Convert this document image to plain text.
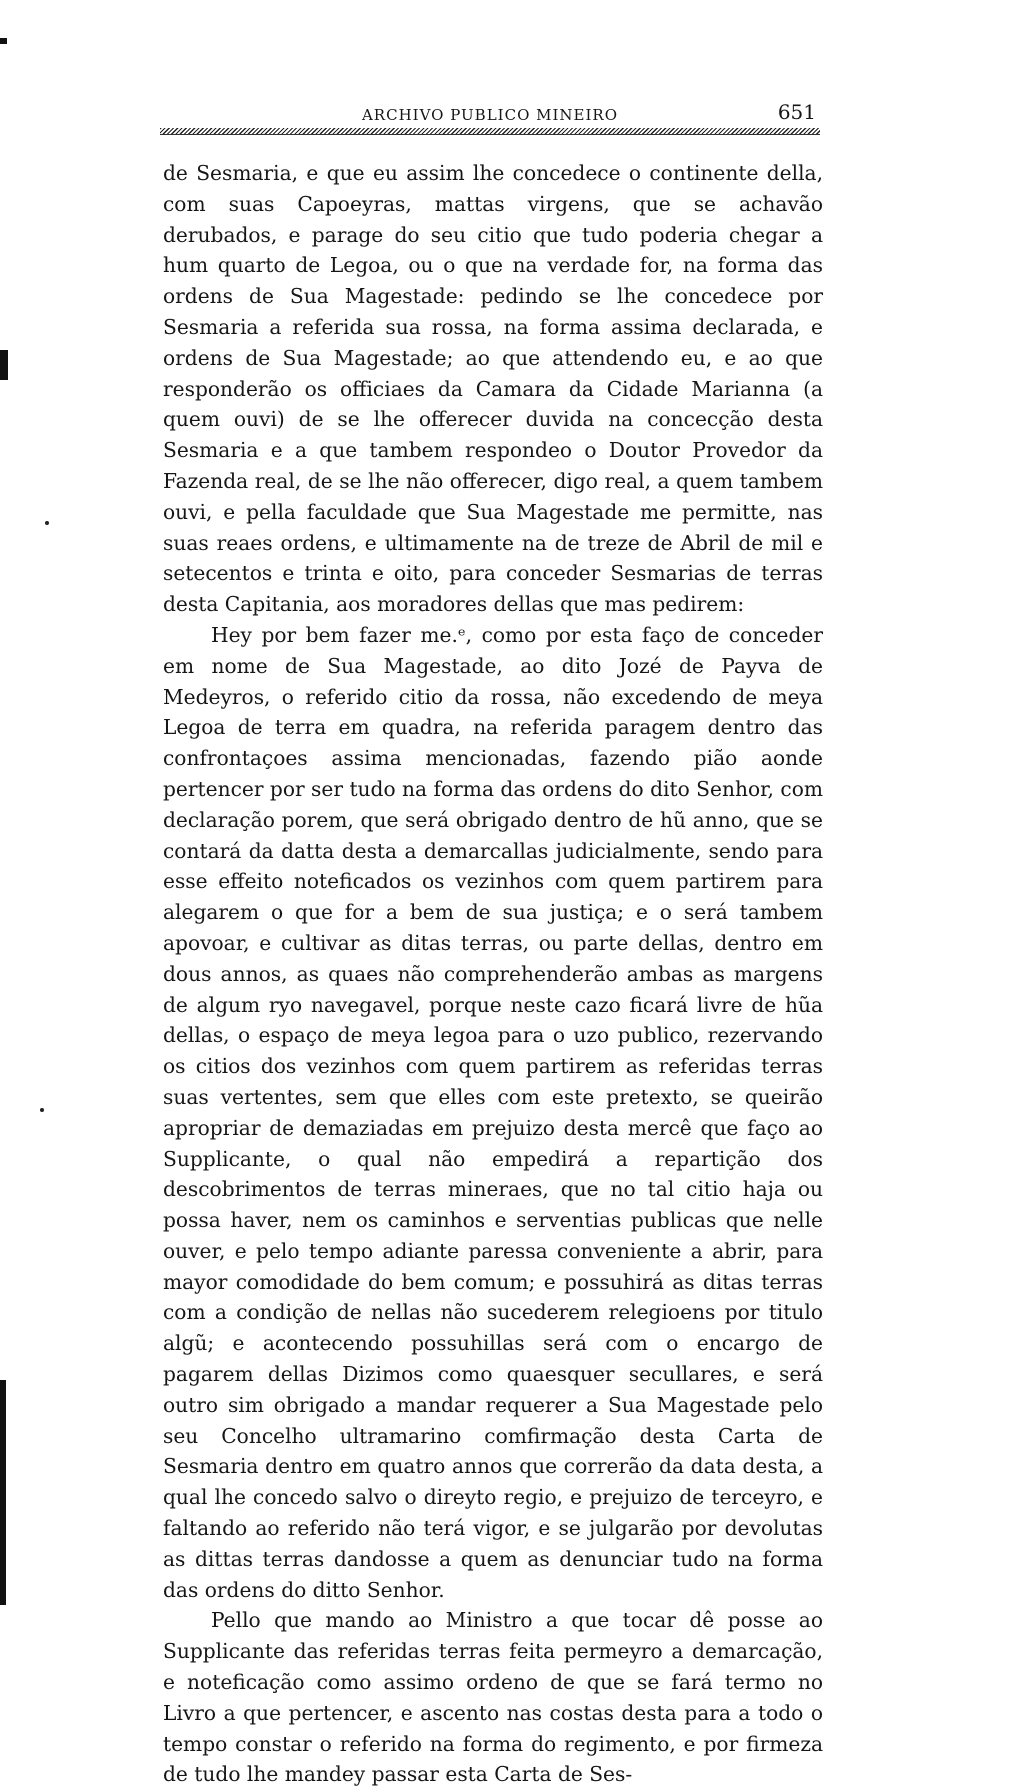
ARCHIVO PUBLICO MINEIRO	651

de Sesmaria, e que eu assim lhe concedece o continente della, com suas Capoeyras, mattas virgens, que se achavão derubados, e parage do seu citio que tudo poderia chegar a hum quarto de Legoa, ou o que na verdade for, na forma das ordens de Sua Magestade: pedindo se lhe concedece por Sesmaria a referida sua rossa, na forma assima declarada, e ordens de Sua Magestade; ao que attendendo eu, e ao que responderão os officiaes da Camara da Cidade Marianna (a quem ouvi) de se lhe offerecer duvida na concecção desta Sesmaria e a que tambem respondeo o Doutor Provedor da Fazenda real, de se lhe não offerecer, digo real, a quem tambem ouvi, e pella faculdade que Sua Magestade me permitte, nas suas reaes ordens, e ultimamente na de treze de Abril de mil e setecentos e trinta e oito, para conceder Sesmarias de terras desta Capitania, aos moradores dellas que mas pedirem:

Hey por bem fazer me.ᵉ, como por esta faço de conceder em nome de Sua Magestade, ao dito Jozé de Payva de Medeyros, o referido citio da rossa, não excedendo de meya Legoa de terra em quadra, na referida paragem dentro das confrontaçoes assima mencionadas, fazendo pião aonde pertencer por ser tudo na forma das ordens do dito Senhor, com declaração porem, que será obrigado dentro de hũ anno, que se contará da datta desta a demarcallas judicialmente, sendo para esse effeito noteficados os vezinhos com quem partirem para alegarem o que for a bem de sua justiça; e o será tambem apovoar, e cultivar as ditas terras, ou parte dellas, dentro em dous annos, as quaes não comprehenderão ambas as margens de algum ryo navegavel, porque neste cazo ficará livre de hũa dellas, o espaço de meya legoa para o uzo publico, rezervando os citios dos vezinhos com quem partirem as referidas terras suas vertentes, sem que elles com este pretexto, se queirão apropriar de demaziadas em prejuizo desta mercê que faço ao Supplicante, o qual não empedirá a repartição dos descobrimentos de terras mineraes, que no tal citio haja ou possa haver, nem os caminhos e serventias publicas que nelle ouver, e pelo tempo adiante paressa conveniente a abrir, para mayor comodidade do bem comum; e possuhirá as ditas terras com a condição de nellas não sucederem relegioens por titulo algũ; e acontecendo possuhillas será com o encargo de pagarem dellas Dizimos como quaesquer secullares, e será outro sim obrigado a mandar requerer a Sua Magestade pelo seu Concelho ultramarino comfirmação desta Carta de Sesmaria dentro em quatro annos que correrão da data desta, a qual lhe concedo salvo o direyto regio, e prejuizo de terceyro, e faltando ao referido não terá vigor, e se julgarão por devolutas as dittas terras dandosse a quem as denunciar tudo na forma das ordens do ditto Senhor.

Pello que mando ao Ministro a que tocar dê posse ao Supplicante das referidas terras feita permeyro a demarcação, e noteficação como assimo ordeno de que se fará termo no Livro a que pertencer, e ascento nas costas desta para a todo o tempo constar o referido na forma do regimento, e por firmeza de tudo lhe mandey passar esta Carta de Ses-
